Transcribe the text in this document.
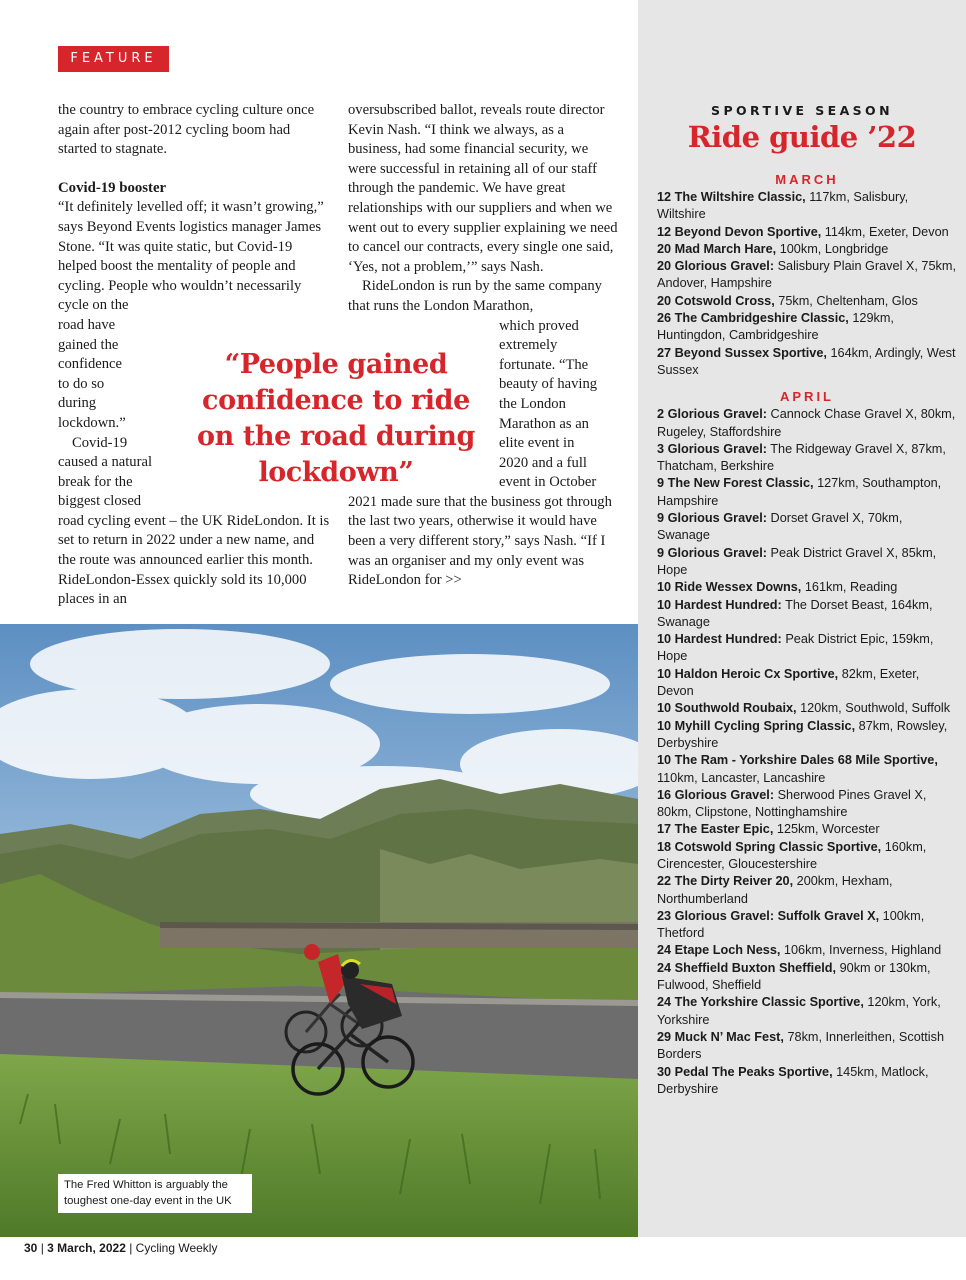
FEATURE

the country to embrace cycling culture once again after post-2012 cycling boom had started to stagnate.

Covid-19 booster

“It definitely levelled off; it wasn’t growing,” says Beyond Events logistics manager James Stone. “It was quite static, but Covid-19 helped boost the mentality of people and cycling. People who wouldn’t necessarily cycle on the

road have
gained the
confidence
to do so
during
lockdown.”
Covid-19
caused a natural
break for the
biggest closed

road cycling event – the UK RideLondon. It is set to return in 2022 under a new name, and the route was announced earlier this month. RideLondon-Essex quickly sold its 10,000 places in an

oversubscribed ballot, reveals route director Kevin Nash. “I think we always, as a business, had some financial security, we were successful in retaining all of our staff through the pandemic. We have great relationships with our suppliers and when we went out to every supplier explaining we need to cancel our contracts, every single one said, ‘Yes, not a problem,’” says Nash.

RideLondon is run by the same company that runs the London Marathon,

which proved
extremely
fortunate. “The
beauty of having
the London
Marathon as an
elite event in
2020 and a full
event in October

2021 made sure that the business got through the last two years, otherwise it would have been a very different story,” says Nash. “If I was an organiser and my only event was RideLondon for >>

“People gained confidence to ride on the road during lockdown”
The Fred Whitton is arguably the toughest one-day event in the UK
SPORTIVE SEASON
Ride guide ’22
MARCH
12 The Wiltshire Classic, 117km, Salisbury, Wiltshire
12 Beyond Devon Sportive, 114km, Exeter, Devon
20 Mad March Hare, 100km, Longbridge
20 Glorious Gravel: Salisbury Plain Gravel X, 75km, Andover, Hampshire
20 Cotswold Cross, 75km, Cheltenham, Glos
26 The Cambridgeshire Classic, 129km, Huntingdon, Cambridgeshire
27 Beyond Sussex Sportive, 164km, Ardingly, West Sussex
APRIL
2 Glorious Gravel: Cannock Chase Gravel X, 80km, Rugeley, Staffordshire
3 Glorious Gravel: The Ridgeway Gravel X, 87km, Thatcham, Berkshire
9 The New Forest Classic, 127km, Southampton, Hampshire
9 Glorious Gravel: Dorset Gravel X, 70km, Swanage
9 Glorious Gravel: Peak District Gravel X, 85km, Hope
10 Ride Wessex Downs, 161km, Reading
10 Hardest Hundred: The Dorset Beast, 164km, Swanage
10 Hardest Hundred: Peak District Epic, 159km, Hope
10 Haldon Heroic Cx Sportive, 82km, Exeter, Devon
10 Southwold Roubaix, 120km, Southwold, Suffolk
10 Myhill Cycling Spring Classic, 87km, Rowsley, Derbyshire
10 The Ram - Yorkshire Dales 68 Mile Sportive, 110km, Lancaster, Lancashire
16 Glorious Gravel: Sherwood Pines Gravel X, 80km, Clipstone, Nottinghamshire
17 The Easter Epic, 125km, Worcester
18 Cotswold Spring Classic Sportive, 160km, Cirencester, Gloucestershire
22 The Dirty Reiver 20, 200km, Hexham, Northumberland
23 Glorious Gravel: Suffolk Gravel X, 100km, Thetford
24 Etape Loch Ness, 106km, Inverness, Highland
24 Sheffield Buxton Sheffield, 90km or 130km, Fulwood, Sheffield
24 The Yorkshire Classic Sportive, 120km, York, Yorkshire
29 Muck N’ Mac Fest, 78km, Innerleithen, Scottish Borders
30 Pedal The Peaks Sportive, 145km, Matlock, Derbyshire
30 | 3 March, 2022 | Cycling Weekly
